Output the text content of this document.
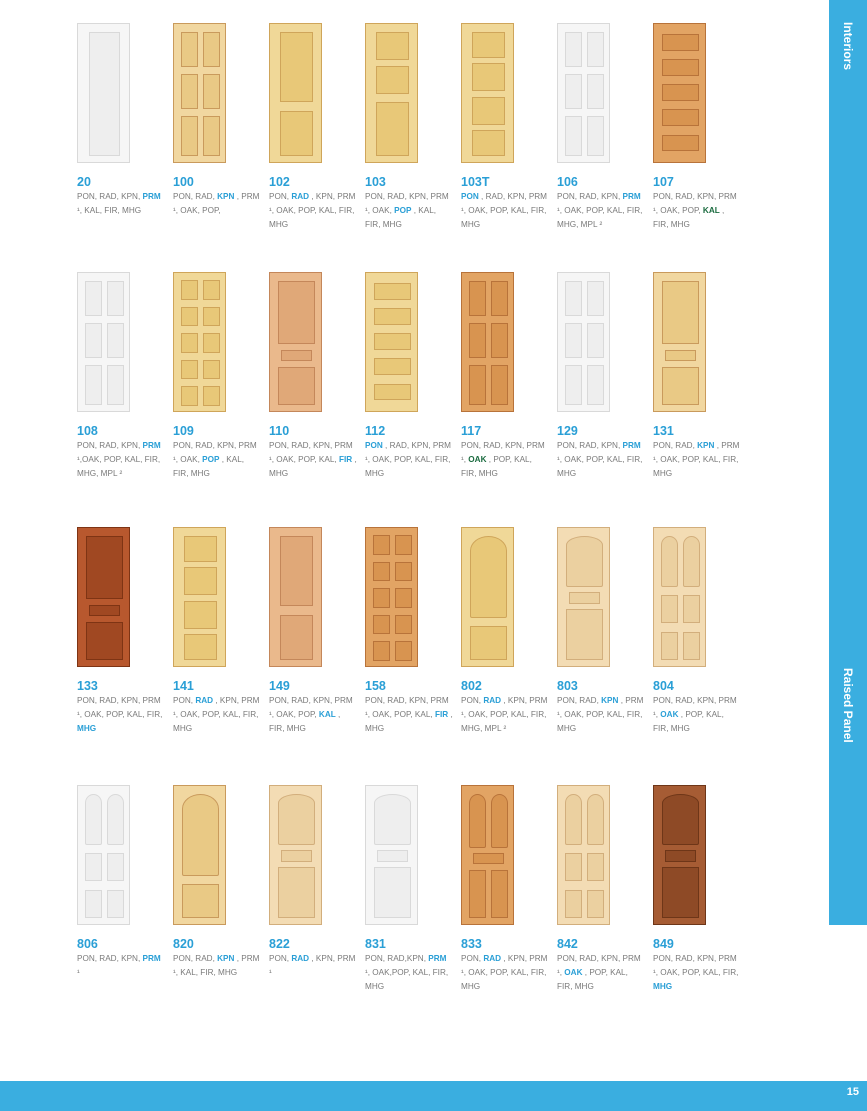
Interiors
Raised Panel
20
PON, RAD, KPN, PRM ¹, KAL, FIR, MHG
100
PON, RAD, KPN , PRM ¹, OAK, POP,
102
PON, RAD , KPN, PRM ¹, OAK, POP, KAL, FIR, MHG
103
PON, RAD, KPN, PRM ¹, OAK, POP , KAL, FIR, MHG
103T
PON , RAD, KPN, PRM ¹, OAK, POP, KAL, FIR, MHG
106
PON, RAD, KPN, PRM ¹, OAK, POP, KAL, FIR, MHG, MPL ²
107
PON, RAD, KPN, PRM ¹, OAK, POP, KAL , FIR, MHG
108
PON, RAD, KPN, PRM ¹,OAK, POP, KAL, FIR, MHG, MPL ²
109
PON, RAD, KPN, PRM ¹, OAK, POP , KAL, FIR, MHG
110
PON, RAD, KPN, PRM ¹, OAK, POP, KAL, FIR , MHG
112
PON , RAD, KPN, PRM ¹, OAK, POP, KAL, FIR, MHG
117
PON, RAD, KPN, PRM ¹, OAK , POP, KAL, FIR, MHG
129
PON, RAD, KPN, PRM ¹, OAK, POP, KAL, FIR, MHG
131
PON, RAD, KPN , PRM ¹, OAK, POP, KAL, FIR, MHG
133
PON, RAD, KPN, PRM ¹, OAK, POP, KAL, FIR, MHG
141
PON, RAD , KPN, PRM ¹, OAK, POP, KAL, FIR, MHG
149
PON, RAD, KPN, PRM ¹, OAK, POP, KAL , FIR, MHG
158
PON, RAD, KPN, PRM ¹, OAK, POP, KAL, FIR , MHG
802
PON, RAD , KPN, PRM ¹, OAK, POP, KAL, FIR, MHG, MPL ²
803
PON, RAD, KPN , PRM ¹, OAK, POP, KAL, FIR, MHG
804
PON, RAD, KPN, PRM ¹, OAK , POP, KAL, FIR, MHG
806
PON, RAD, KPN, PRM ¹
820
PON, RAD, KPN , PRM ¹, KAL, FIR, MHG
822
PON, RAD , KPN, PRM ¹
831
PON, RAD,KPN, PRM ¹, OAK,POP, KAL, FIR, MHG
833
PON, RAD , KPN, PRM ¹, OAK, POP, KAL, FIR, MHG
842
PON, RAD, KPN, PRM ¹, OAK , POP, KAL, FIR, MHG
849
PON, RAD, KPN, PRM ¹, OAK, POP, KAL, FIR, MHG
15
